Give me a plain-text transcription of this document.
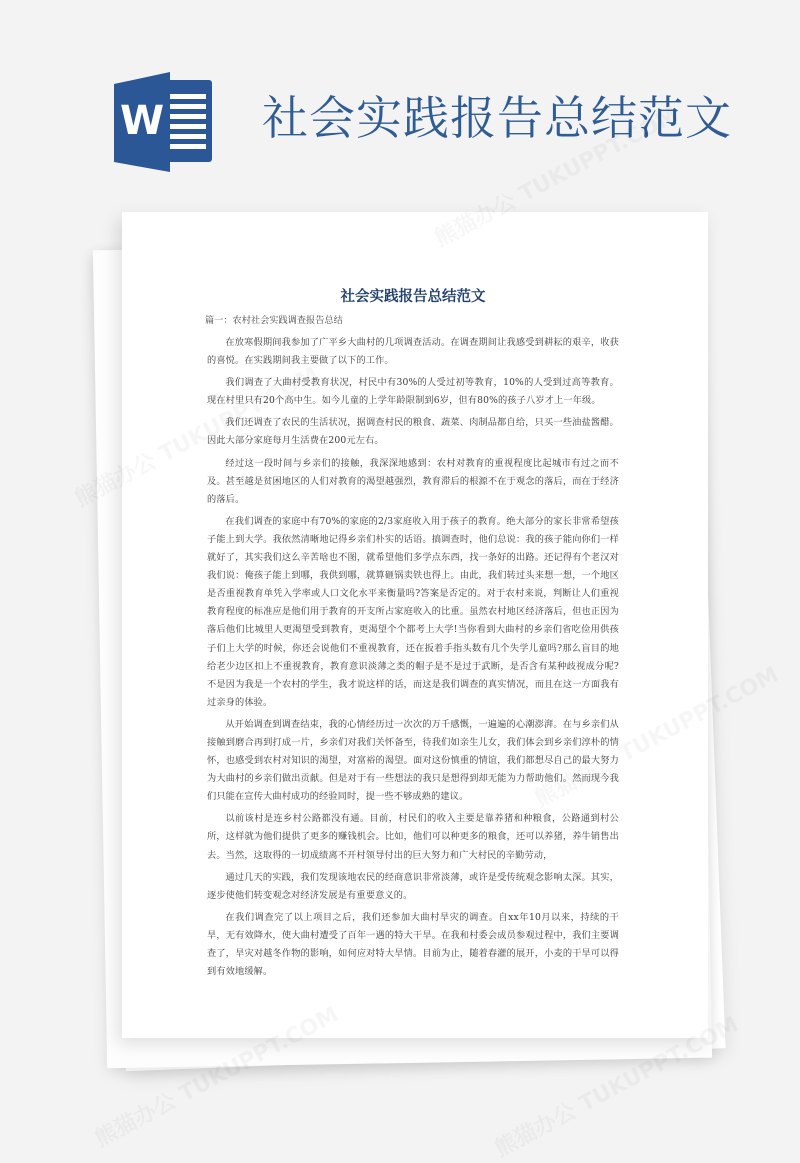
W 社会实践报告总结范文
社会实践报告总结范文
篇一：农村社会实践调查报告总结

在放寒假期间我参加了广平乡大曲村的几项调查活动。在调查期间让我感受到耕耘的艰辛，收获的喜悦。在实践期间我主要做了以下的工作。

我们调查了大曲村受教育状况，村民中有30%的人受过初等教育，10%的人受到过高等教育。现在村里只有20个高中生。如今儿童的上学年龄限制到6岁，但有80%的孩子八岁才上一年级。

我们还调查了农民的生活状况，据调查村民的粮食、蔬菜、肉制品都自给，只买一些油盐酱醋。因此大部分家庭每月生活费在200元左右。

经过这一段时间与乡亲们的接触，我深深地感到：农村对教育的重视程度比起城市有过之而不及。甚至越是贫困地区的人们对教育的渴望越强烈，教育滞后的根源不在于观念的落后，而在于经济的落后。

在我们调查的家庭中有70%的家庭的2/3家庭收入用于孩子的教育。绝大部分的家长非常希望孩子能上到大学。我依然清晰地记得乡亲们朴实的话语。搞调查时，他们总说：我的孩子能向你们一样就好了，其实我们这么辛苦啥也不图，就希望他们多学点东西，找一条好的出路。还记得有个老汉对我们说：俺孩子能上到哪，我供到哪，就算砸锅卖铁也得上。由此，我们转过头来想一想，一个地区是否重视教育单凭入学率或人口文化水平来衡量吗?答案是否定的。对于农村来说，判断让人们重视教育程度的标准应是他们用于教育的开支所占家庭收入的比重。虽然农村地区经济落后，但也正因为落后他们比城里人更渴望受到教育，更渴望个个都考上大学!当你看到大曲村的乡亲们省吃俭用供孩子们上大学的时候，你还会说他们不重视教育，还在扳着手指头数有几个失学儿童吗?那么盲目的地给老少边区扣上不重视教育，教育意识淡薄之类的帽子是不是过于武断，是否含有某种歧视成分呢?不是因为我是一个农村的学生，我才说这样的话，而这是我们调查的真实情况，而且在这一方面我有过亲身的体验。

从开始调查到调查结束，我的心情经历过一次次的万千感慨，一遍遍的心潮澎湃。在与乡亲们从接触到磨合再到打成一片，乡亲们对我们关怀备至，待我们如亲生儿女，我们体会到乡亲们淳朴的情怀，也感受到农村对知识的渴望，对富裕的渴望。面对这份慎重的情谊，我们都想尽自己的最大努力为大曲村的乡亲们做出贡献。但是对于有一些想法的我只是想得到却无能为力帮助他们。然而现今我们只能在宣传大曲村成功的经验同时，提一些不够成熟的建议。

以前该村是连乡村公路都没有通。目前，村民们的收入主要是靠养猪和种粮食，公路通到村公所，这样就为他们提供了更多的赚钱机会。比如，他们可以种更多的粮食，还可以养猪，养牛销售出去。当然，这取得的一切成绩离不开村领导付出的巨大努力和广大村民的辛勤劳动，

通过几天的实践，我们发现该地农民的经商意识非常淡薄，或许是受传统观念影响太深。其实，逐步使他们转变观念对经济发展是有重要意义的。

在我们调查完了以上项目之后，我们还参加大曲村旱灾的调查。自xx年10月以来，持续的干旱，无有效降水，使大曲村遭受了百年一遇的特大干旱。在我和村委会成员参观过程中，我们主要调查了，旱灾对越冬作物的影响，如何应对特大旱情。目前为止，随着春灌的展开，小麦的干旱可以得到有效地缓解。
